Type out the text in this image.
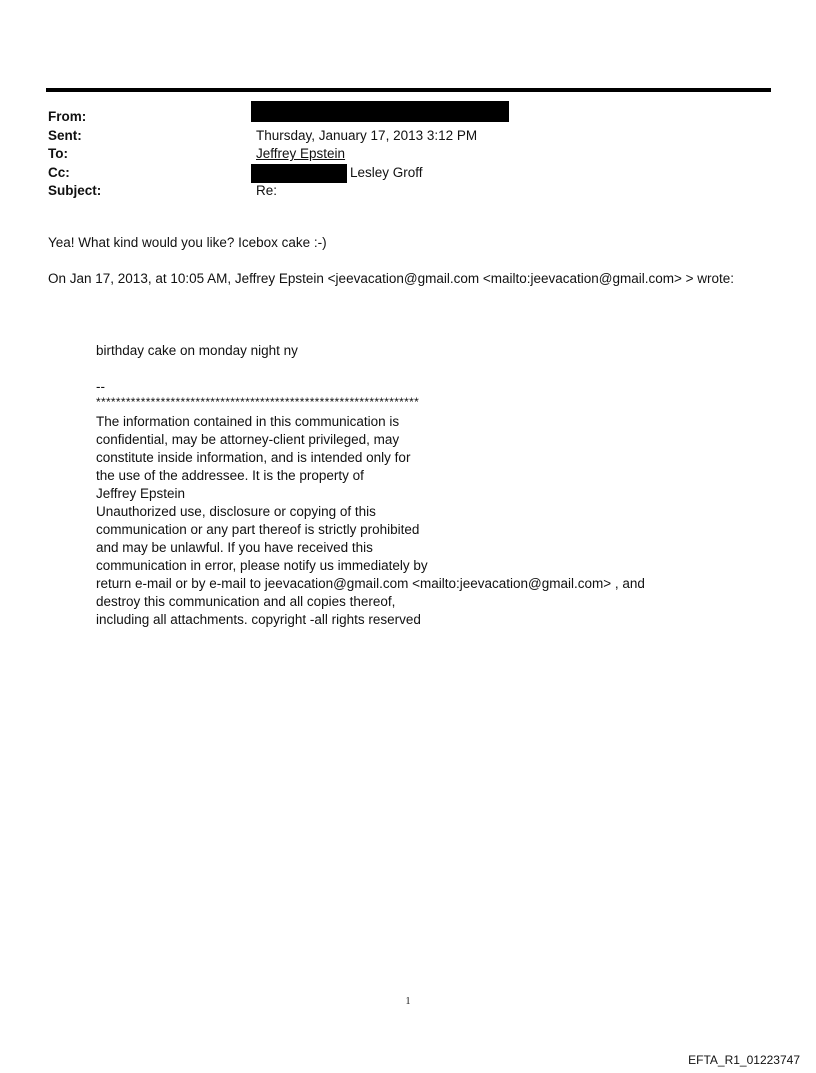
From:
Sent:	Thursday, January 17, 2013 3:12 PM
To:	Jeffrey Epstein
Cc:	Lesley Groff
Subject:	Re:
Yea! What kind would you like? Icebox cake :-)
On Jan 17, 2013, at 10:05 AM, Jeffrey Epstein <jeevacation@gmail.com <mailto:jeevacation@gmail.com> > wrote:
birthday cake on monday night ny
--
*****************************************************************
The information contained in this communication is
confidential, may be attorney-client privileged, may
constitute inside information, and is intended only for
the use of the addressee. It is the property of
Jeffrey Epstein
Unauthorized use, disclosure or copying of this
communication or any part thereof is strictly prohibited
and may be unlawful. If you have received this
communication in error, please notify us immediately by
return e-mail or by e-mail to jeevacation@gmail.com <mailto:jeevacation@gmail.com> , and
destroy this communication and all copies thereof,
including all attachments. copyright -all rights reserved
1
EFTA_R1_01223747
